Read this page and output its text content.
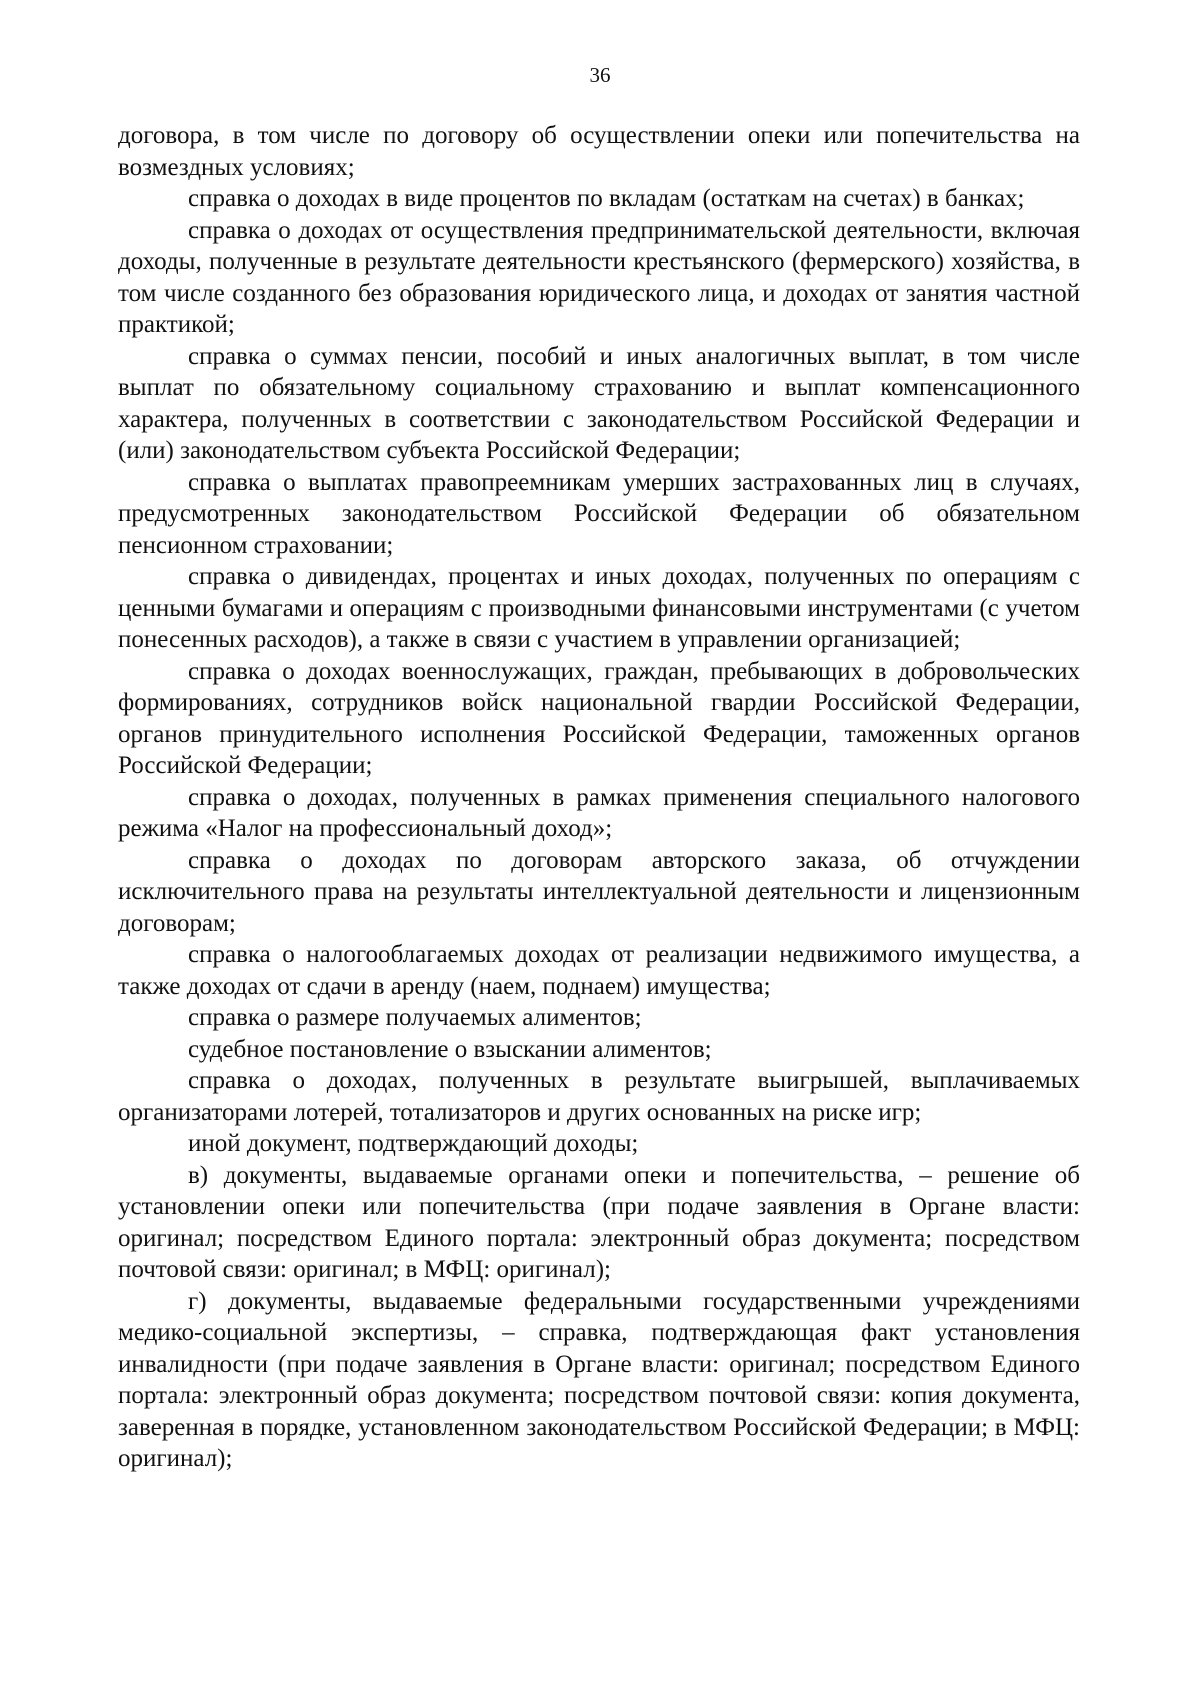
36

договора, в том числе по договору об осуществлении опеки или попечительства на возмездных условиях;

справка о доходах в виде процентов по вкладам (остаткам на счетах) в банках;

справка о доходах от осуществления предпринимательской деятельности, включая доходы, полученные в результате деятельности крестьянского (фермерского) хозяйства, в том числе созданного без образования юридического лица, и доходах от занятия частной практикой;

справка о суммах пенсии, пособий и иных аналогичных выплат, в том числе выплат по обязательному социальному страхованию и выплат компенсационного характера, полученных в соответствии с законодательством Российской Федерации и (или) законодательством субъекта Российской Федерации;

справка о выплатах правопреемникам умерших застрахованных лиц в случаях, предусмотренных законодательством Российской Федерации об обязательном пенсионном страховании;

справка о дивидендах, процентах и иных доходах, полученных по операциям с ценными бумагами и операциям с производными финансовыми инструментами (с учетом понесенных расходов), а также в связи с участием в управлении организацией;

справка о доходах военнослужащих, граждан, пребывающих в добровольческих формированиях, сотрудников войск национальной гвардии Российской Федерации, органов принудительного исполнения Российской Федерации, таможенных органов Российской Федерации;

справка о доходах, полученных в рамках применения специального налогового режима «Налог на профессиональный доход»;

справка о доходах по договорам авторского заказа, об отчуждении исключительного права на результаты интеллектуальной деятельности и лицензионным договорам;

справка о налогооблагаемых доходах от реализации недвижимого имущества, а также доходах от сдачи в аренду (наем, поднаем) имущества;

справка о размере получаемых алиментов;

судебное постановление о взыскании алиментов;

справка о доходах, полученных в результате выигрышей, выплачиваемых организаторами лотерей, тотализаторов и других основанных на риске игр;

иной документ, подтверждающий доходы;

в) документы, выдаваемые органами опеки и попечительства, – решение об установлении опеки или попечительства (при подаче заявления в Органе власти: оригинал; посредством Единого портала: электронный образ документа; посредством почтовой связи: оригинал; в МФЦ: оригинал);

г) документы, выдаваемые федеральными государственными учреждениями медико-социальной экспертизы, – справка, подтверждающая факт установления инвалидности (при подаче заявления в Органе власти: оригинал; посредством Единого портала: электронный образ документа; посредством почтовой связи: копия документа, заверенная в порядке, установленном законодательством Российской Федерации; в МФЦ: оригинал);
